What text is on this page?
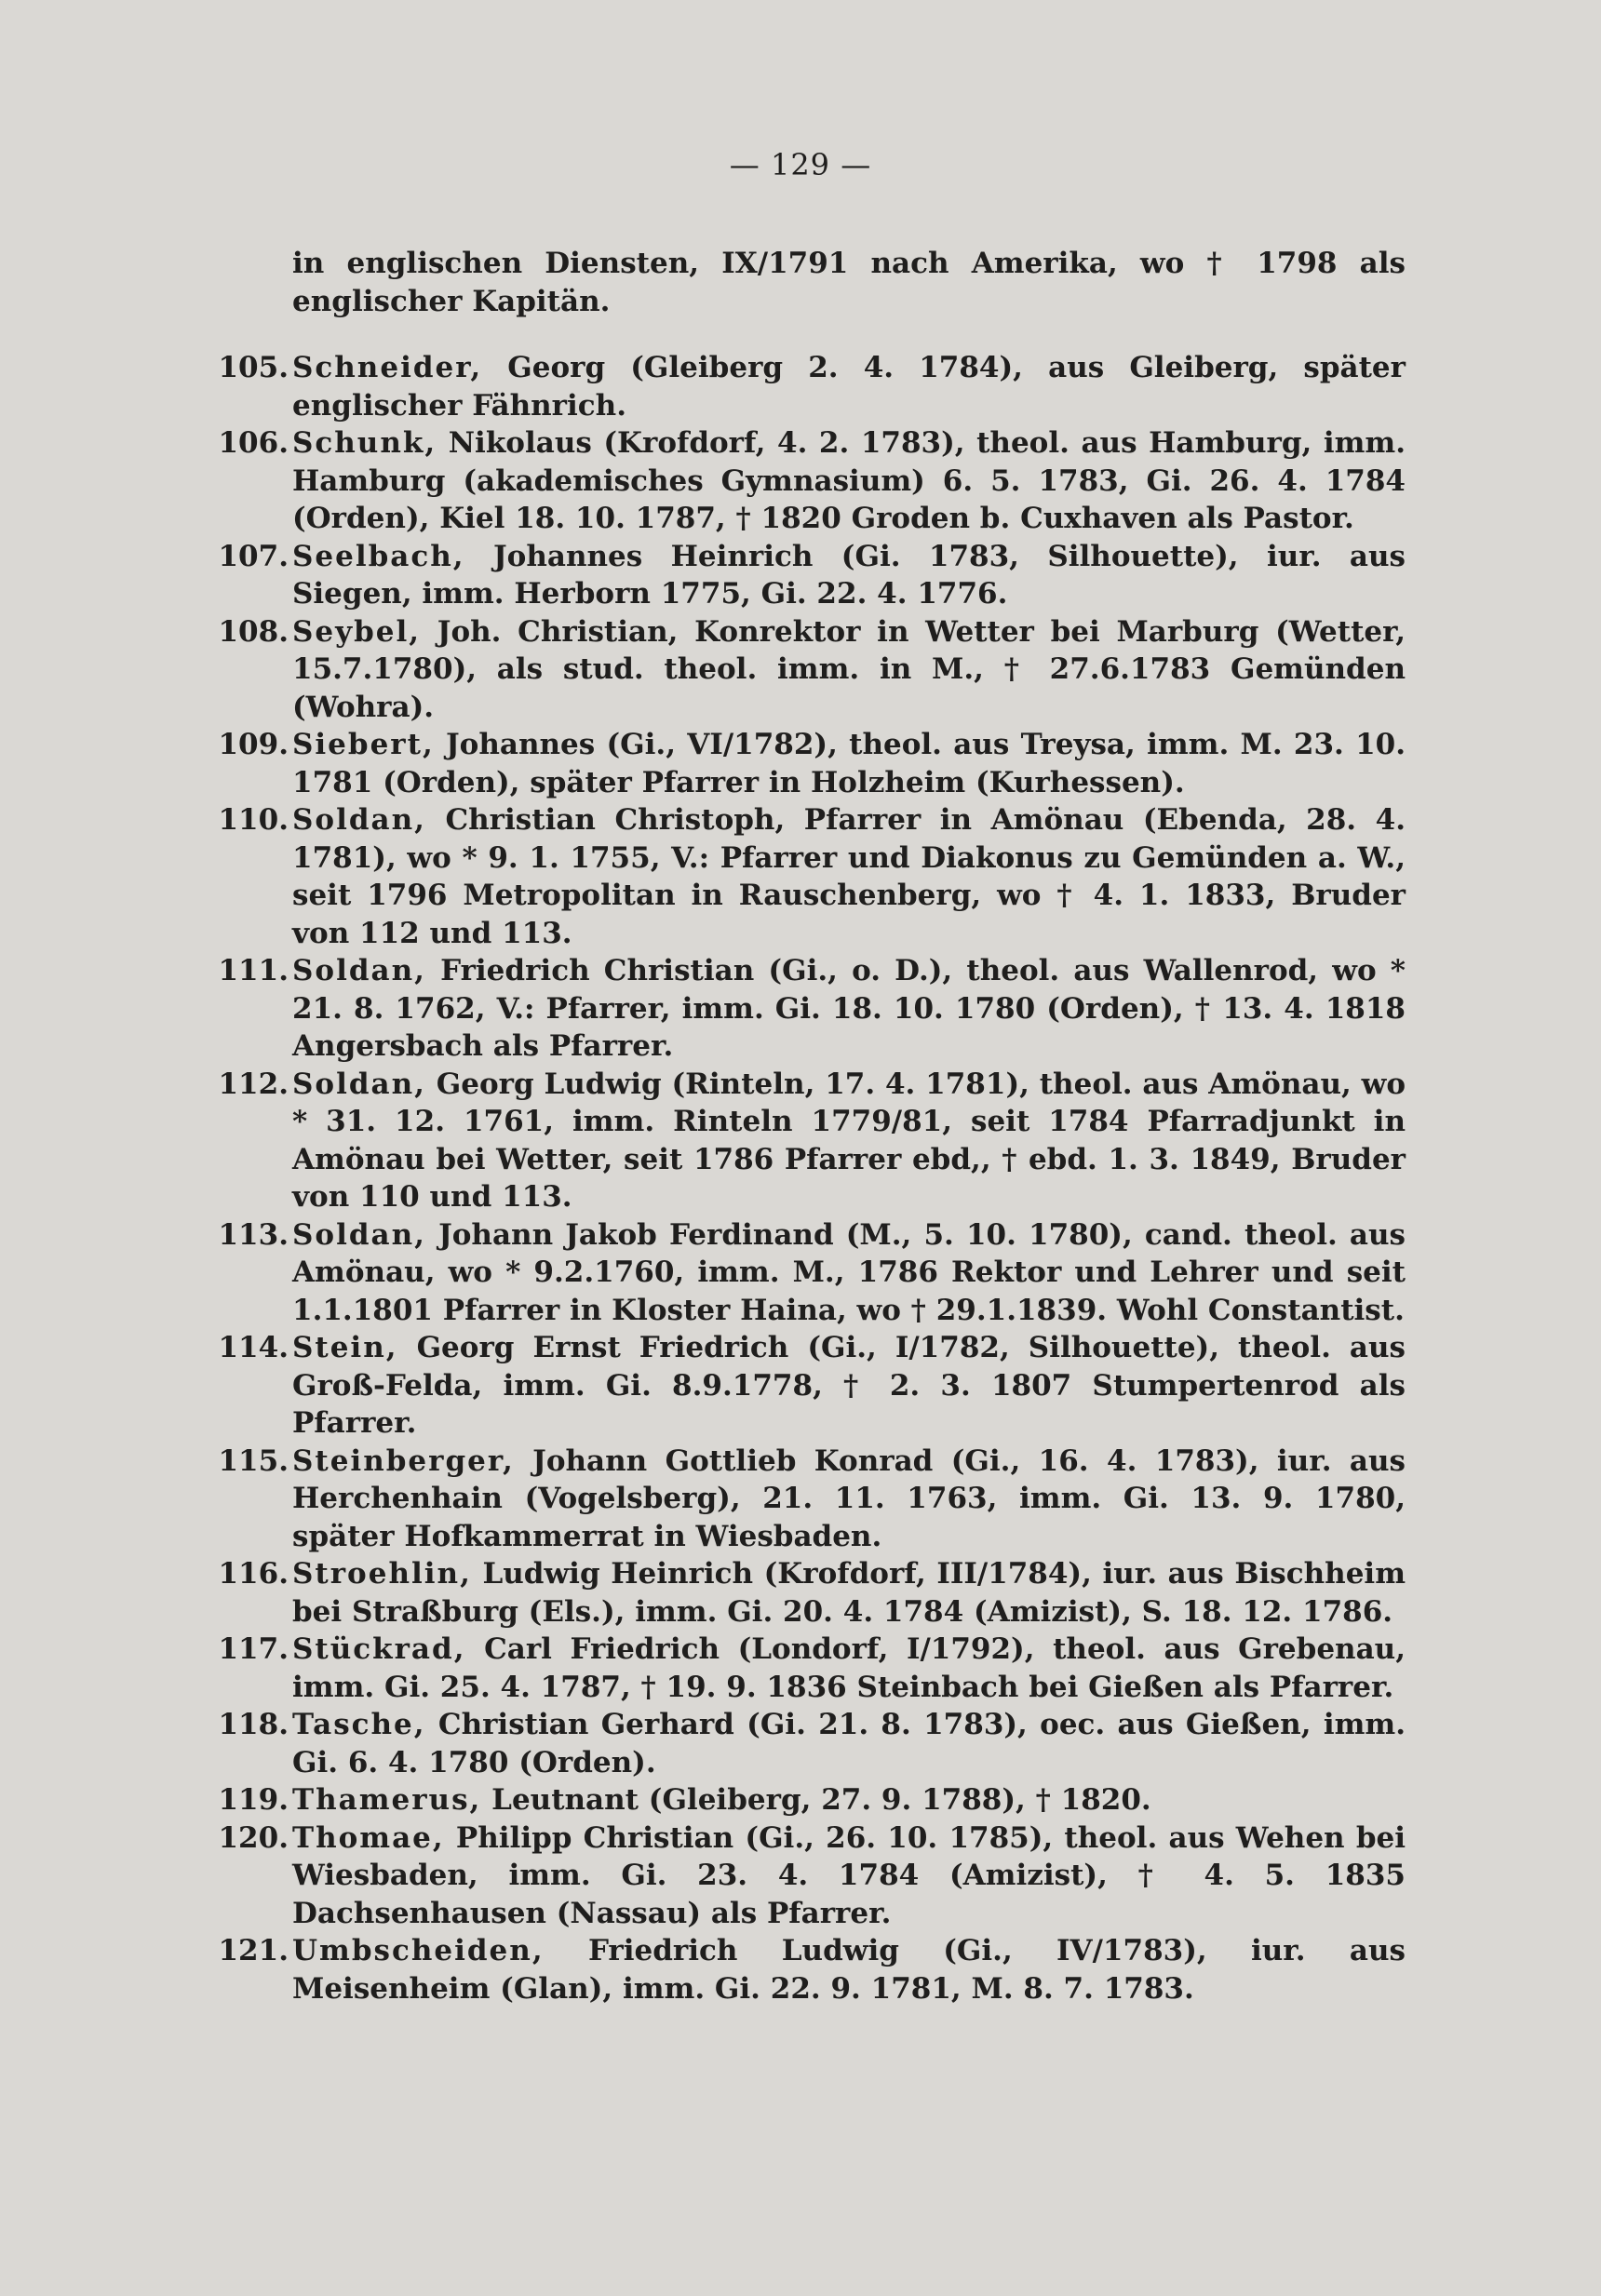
— 129 —

in englischen Diensten, IX/1791 nach Amerika, wo † 1798 als englischer Kapitän.

105. Schneider, Georg (Gleiberg 2. 4. 1784), aus Gleiberg, später englischer Fähnrich.

106. Schunk, Nikolaus (Krofdorf, 4. 2. 1783), theol. aus Hamburg, imm. Hamburg (akademisches Gymnasium) 6. 5. 1783, Gi. 26. 4. 1784 (Orden), Kiel 18. 10. 1787, † 1820 Groden b. Cuxhaven als Pastor.

107. Seelbach, Johannes Heinrich (Gi. 1783, Silhouette), iur. aus Siegen, imm. Herborn 1775, Gi. 22. 4. 1776.

108. Seybel, Joh. Christian, Konrektor in Wetter bei Marburg (Wetter, 15.7.1780), als stud. theol. imm. in M., † 27.6.1783 Gemünden (Wohra).

109. Siebert, Johannes (Gi., VI/1782), theol. aus Treysa, imm. M. 23. 10. 1781 (Orden), später Pfarrer in Holzheim (Kurhessen).

110. Soldan, Christian Christoph, Pfarrer in Amönau (Ebenda, 28. 4. 1781), wo * 9. 1. 1755, V.: Pfarrer und Diakonus zu Gemünden a. W., seit 1796 Metropolitan in Rauschenberg, wo † 4. 1. 1833, Bruder von 112 und 113.

111. Soldan, Friedrich Christian (Gi., o. D.), theol. aus Wallenrod, wo * 21. 8. 1762, V.: Pfarrer, imm. Gi. 18. 10. 1780 (Orden), † 13. 4. 1818 Angersbach als Pfarrer.

112. Soldan, Georg Ludwig (Rinteln, 17. 4. 1781), theol. aus Amönau, wo * 31. 12. 1761, imm. Rinteln 1779/81, seit 1784 Pfarradjunkt in Amönau bei Wetter, seit 1786 Pfarrer ebd,, † ebd. 1. 3. 1849, Bruder von 110 und 113.

113. Soldan, Johann Jakob Ferdinand (M., 5. 10. 1780), cand. theol. aus Amönau, wo * 9.2.1760, imm. M., 1786 Rektor und Lehrer und seit 1.1.1801 Pfarrer in Kloster Haina, wo † 29.1.1839. Wohl Constantist.

114. Stein, Georg Ernst Friedrich (Gi., I/1782, Silhouette), theol. aus Groß-Felda, imm. Gi. 8.9.1778, † 2. 3. 1807 Stumpertenrod als Pfarrer.

115. Steinberger, Johann Gottlieb Konrad (Gi., 16. 4. 1783), iur. aus Herchenhain (Vogelsberg), 21. 11. 1763, imm. Gi. 13. 9. 1780, später Hofkammerrat in Wiesbaden.

116. Stroehlin, Ludwig Heinrich (Krofdorf, III/1784), iur. aus Bischheim bei Straßburg (Els.), imm. Gi. 20. 4. 1784 (Amizist), S. 18. 12. 1786.

117. Stückrad, Carl Friedrich (Londorf, I/1792), theol. aus Grebenau, imm. Gi. 25. 4. 1787, † 19. 9. 1836 Steinbach bei Gießen als Pfarrer.

118. Tasche, Christian Gerhard (Gi. 21. 8. 1783), oec. aus Gießen, imm. Gi. 6. 4. 1780 (Orden).

119. Thamerus, Leutnant (Gleiberg, 27. 9. 1788), † 1820.

120. Thomae, Philipp Christian (Gi., 26. 10. 1785), theol. aus Wehen bei Wiesbaden, imm. Gi. 23. 4. 1784 (Amizist), † 4. 5. 1835 Dachsenhausen (Nassau) als Pfarrer.

121. Umbscheiden, Friedrich Ludwig (Gi., IV/1783), iur. aus Meisenheim (Glan), imm. Gi. 22. 9. 1781, M. 8. 7. 1783.
